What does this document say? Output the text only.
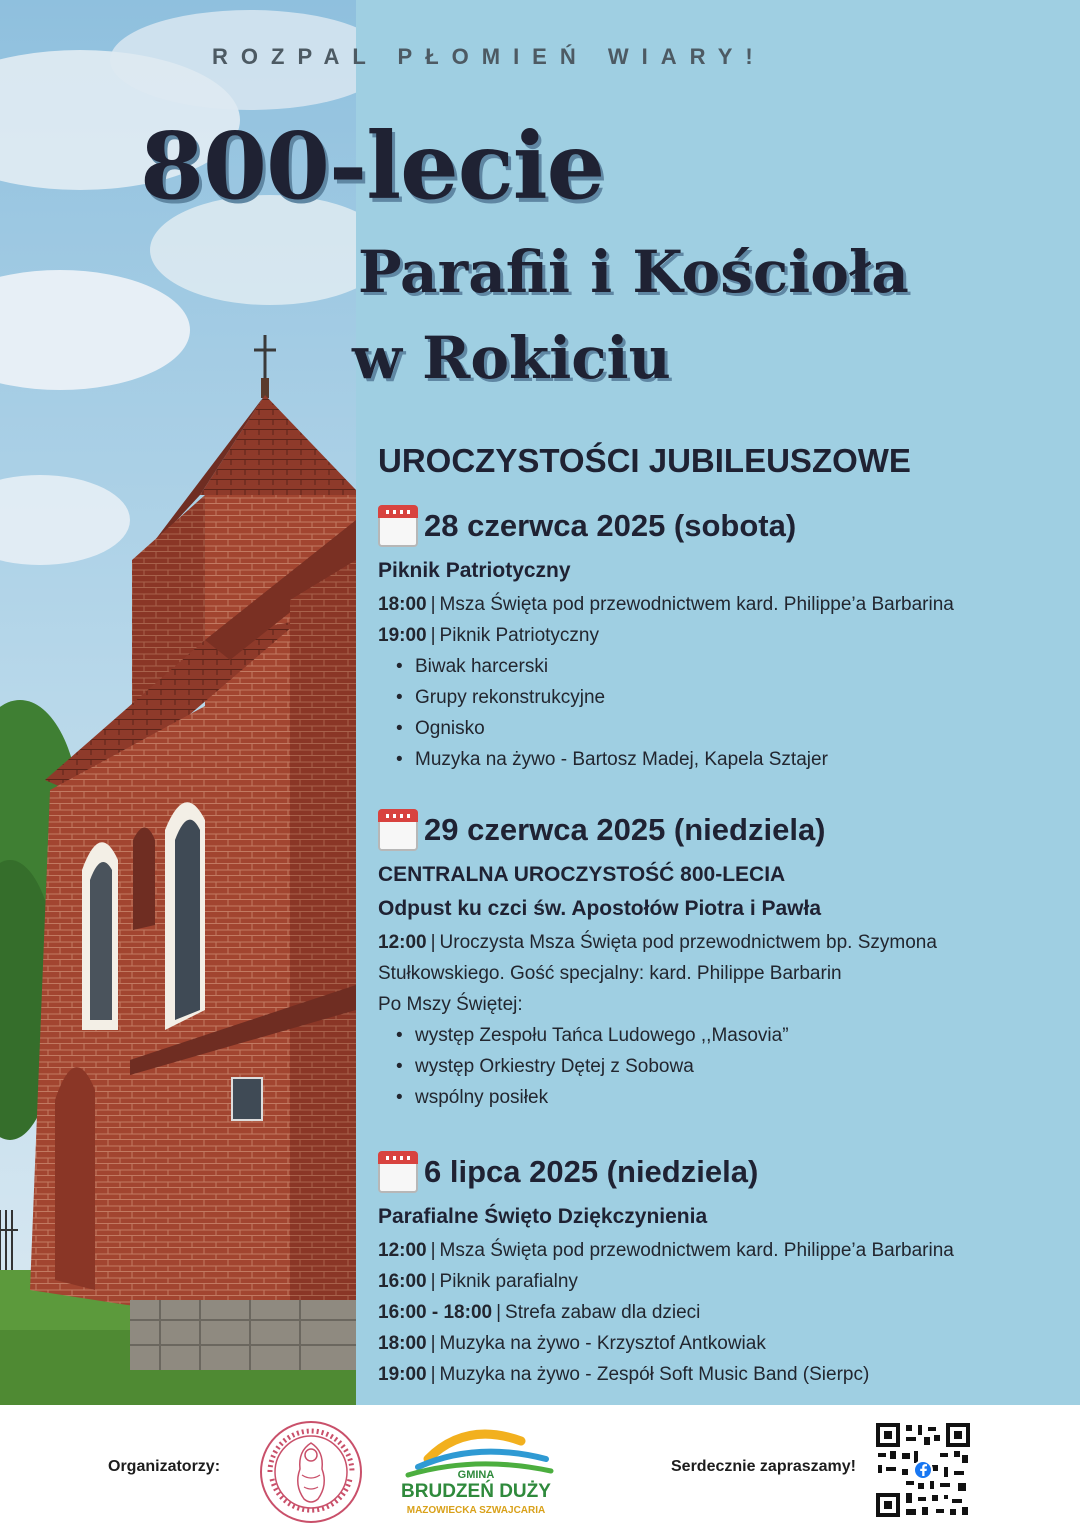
ROZPAL PŁOMIEŃ WIARY!
800-lecie
Parafii i Kościoła
w Rokiciu
UROCZYSTOŚCI JUBILEUSZOWE
28 czerwca 2025 (sobota)
Piknik Patriotyczny
18:00 | Msza Święta pod przewodnictwem kard. Philippe’a Barbarina
19:00 | Piknik Patriotyczny
• Biwak harcerski
• Grupy rekonstrukcyjne
• Ognisko
• Muzyka na żywo - Bartosz Madej, Kapela Sztajer
29 czerwca 2025 (niedziela)
CENTRALNA UROCZYSTOŚĆ 800-LECIA
Odpust ku czci św. Apostołów Piotra i Pawła
12:00 | Uroczysta Msza Święta pod przewodnictwem bp. Szymona
Stułkowskiego. Gość specjalny: kard. Philippe Barbarin
Po Mszy Świętej:
• występ Zespołu Tańca Ludowego ,,Masovia”
• występ Orkiestry Dętej z Sobowa
• wspólny posiłek
6 lipca 2025 (niedziela)
Parafialne Święto Dziękczynienia
12:00 | Msza Święta pod przewodnictwem kard. Philippe’a Barbarina
16:00 | Piknik parafialny
16:00 - 18:00 | Strefa zabaw dla dzieci
18:00 | Muzyka na żywo - Krzysztof Antkowiak
19:00 | Muzyka na żywo - Zespół Soft Music Band (Sierpc)
Organizatorzy:	GMINA
BRUDZEŃ DUŻY
MAZOWIECKA SZWAJCARIA
Serdecznie zapraszamy!
